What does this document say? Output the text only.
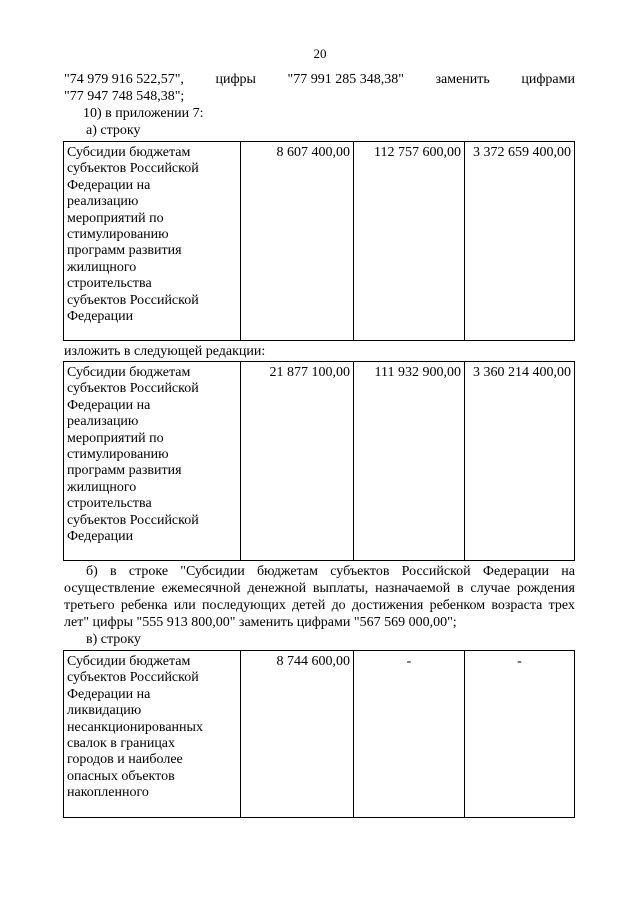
20
"74 979 916 522,57", цифры "77 991 285 348,38" заменить цифрами
"77 947 748 548,38";
10) в приложении 7:
а) строку
Субсидии бюджетам
субъектов Российской
Федерации на
реализацию
мероприятий по
стимулированию
программ развития
жилищного
строительства
субъектов Российской
Федерации
	8 607 400,00	112 757 600,00	3 372 659 400,00
изложить в следующей редакции:
Субсидии бюджетам
субъектов Российской
Федерации на
реализацию
мероприятий по
стимулированию
программ развития
жилищного
строительства
субъектов Российской
Федерации
	21 877 100,00	111 932 900,00	3 360 214 400,00
б) в строке "Субсидии бюджетам субъектов Российской Федерации на
осуществление ежемесячной денежной выплаты, назначаемой в случае рождения
третьего ребенка или последующих детей до достижения ребенком возраста трех
лет" цифры "555 913 800,00" заменить цифрами "567 569 000,00";
в) строку
Субсидии бюджетам
субъектов Российской
Федерации на
ликвидацию
несанкционированных
свалок в границах
городов и наиболее
опасных объектов
накопленного
	8 744 600,00	-	-
